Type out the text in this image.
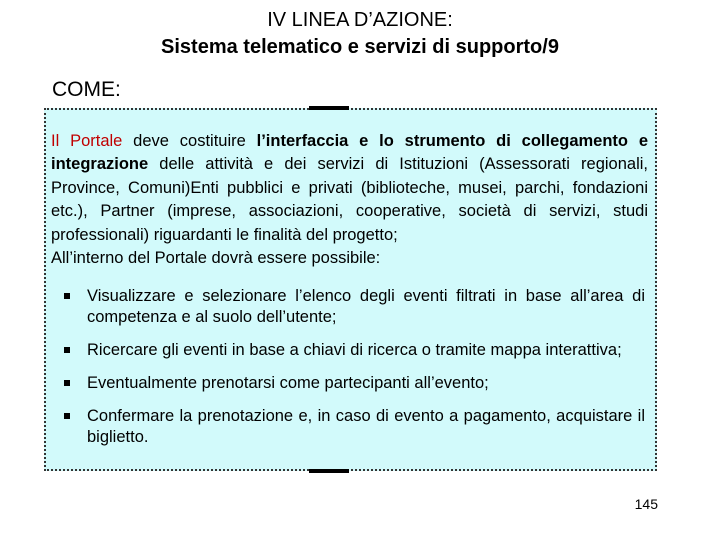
IV LINEA D’AZIONE:
Sistema telematico e servizi di supporto/9
COME:
Il Portale deve costituire l’interfaccia e lo strumento di collegamento e integrazione delle attività e dei servizi di Istituzioni (Assessorati regionali, Province, Comuni)Enti pubblici e privati (biblioteche, musei, parchi, fondazioni etc.), Partner (imprese, associazioni, cooperative, società di servizi, studi professionali) riguardanti le finalità del progetto;
All’interno del Portale dovrà essere possibile:
Visualizzare e selezionare l’elenco degli eventi filtrati in base all’area di competenza e al suolo dell’utente;
Ricercare gli eventi in base a chiavi di ricerca o tramite mappa interattiva;
Eventualmente prenotarsi come partecipanti all’evento;
Confermare la prenotazione e, in caso di evento a pagamento, acquistare il biglietto.
145
